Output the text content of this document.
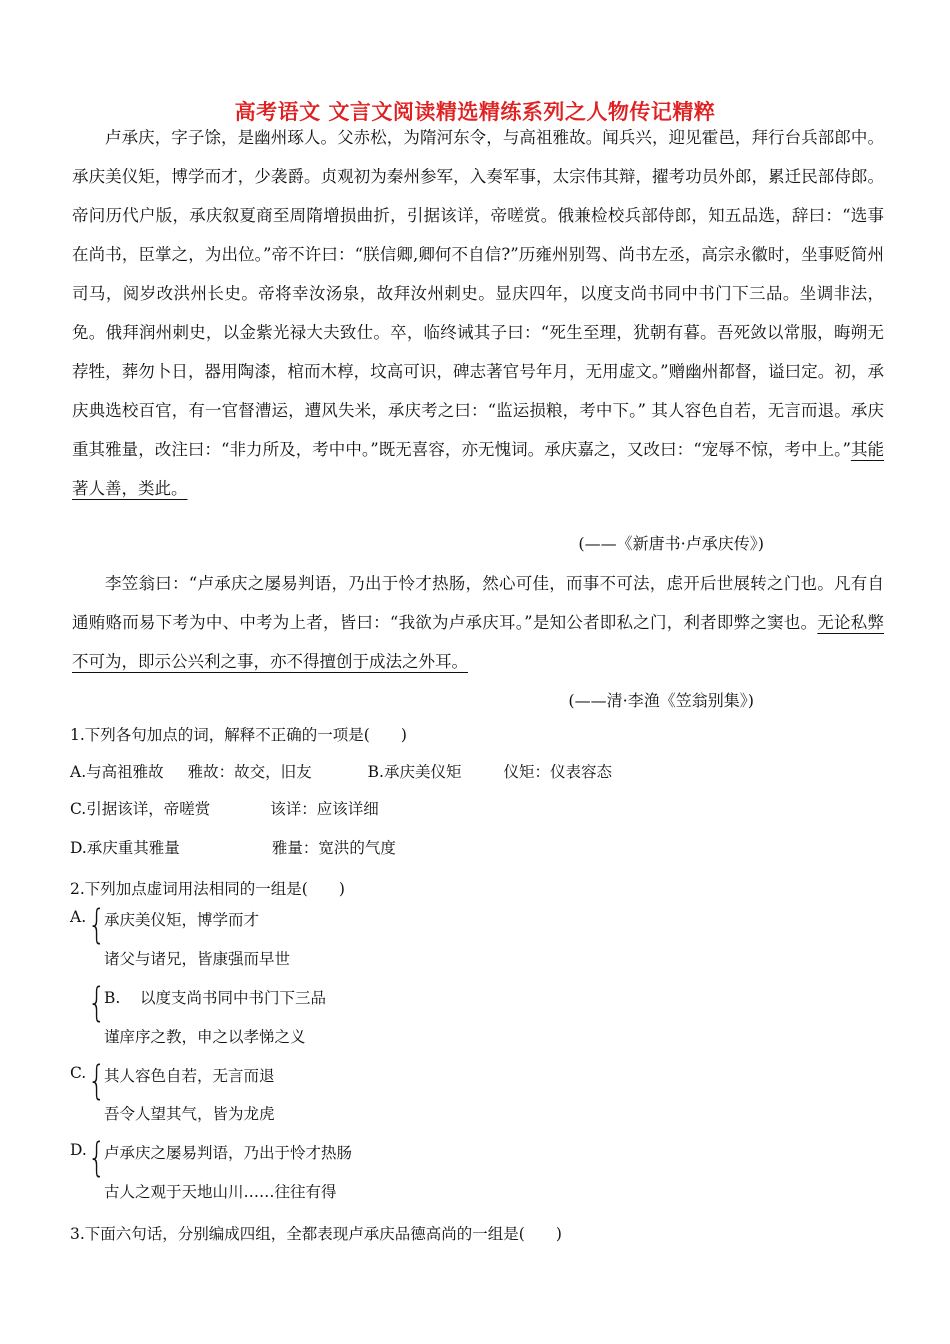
高考语文 文言文阅读精选精练系列之人物传记精粹
卢承庆，字子馀，是幽州琢人。父赤松，为隋河东令，与高祖雅故。闻兵兴，迎见霍邑，拜行台兵部郎中。承庆美仪矩，博学而才，少袭爵。贞观初为秦州参军，入奏军事，太宗伟其辩，擢考功员外郎，累迁民部侍郎。帝问历代户版，承庆叙夏商至周隋增损曲折，引据该详，帝嗟赏。俄兼检校兵部侍郎，知五品选，辞曰：“选事在尚书，臣掌之，为出位。”帝不许曰：“朕信卿,卿何不自信?”历雍州别驾、尚书左丞，高宗永徽时，坐事贬简州司马，阅岁改洪州长史。帝将幸汝汤泉，故拜汝州刺史。显庆四年，以度支尚书同中书门下三品。坐调非法，免。俄拜润州刺史，以金紫光禄大夫致仕。卒，临终诫其子曰：“死生至理，犹朝有暮。吾死敛以常服，晦朔无荐牲，葬勿卜日，器用陶漆，棺而木椁，坟高可识，碑志著官号年月，无用虚文。”赠幽州都督，谥曰定。初，承庆典选校百官，有一官督漕运，遭风失米，承庆考之曰：“监运损粮，考中下。” 其人容色自若，无言而退。承庆重其雅量，改注曰：“非力所及，考中中。”既无喜容，亦无愧词。承庆嘉之，又改曰：“宠辱不惊，考中上。”其能著人善，类此。
(——《新唐书·卢承庆传》)
李笠翁曰：“卢承庆之屡易判语，乃出于怜才热肠，然心可佳，而事不可法，虑开后世展转之门也。凡有自通贿赂而易下考为中、中考为上者，皆曰：“我欲为卢承庆耳。”是知公者即私之门，利者即弊之窦也。无论私弊不可为，即示公兴利之事，亦不得擅创于成法之外耳。
(——清·李渔《笠翁别集》)
1.下列各句加点的词，解释不正确的一项是(　　)
A.与高祖雅故 雅故：故交，旧友	B.承庆美仪矩	仪矩：仪表容态
C.引据该详，帝嗟赏	该详：应该详细
D.承庆重其雅量	雅量：宽洪的气度
2.下列加点虚词用法相同的一组是(　　)
A. {
承庆美仪矩，博学而才
诸父与诸兄，皆康强而早世
{
B. 以度支尚书同中书门下三品
谨庠序之教，申之以孝悌之义
C. {
其人容色自若，无言而退
吾令人望其气，皆为龙虎
D. {
卢承庆之屡易判语，乃出于怜才热肠
古人之观于天地山川……往往有得
3.下面六句话，分别编成四组，全都表现卢承庆品德高尚的一组是(　　)
